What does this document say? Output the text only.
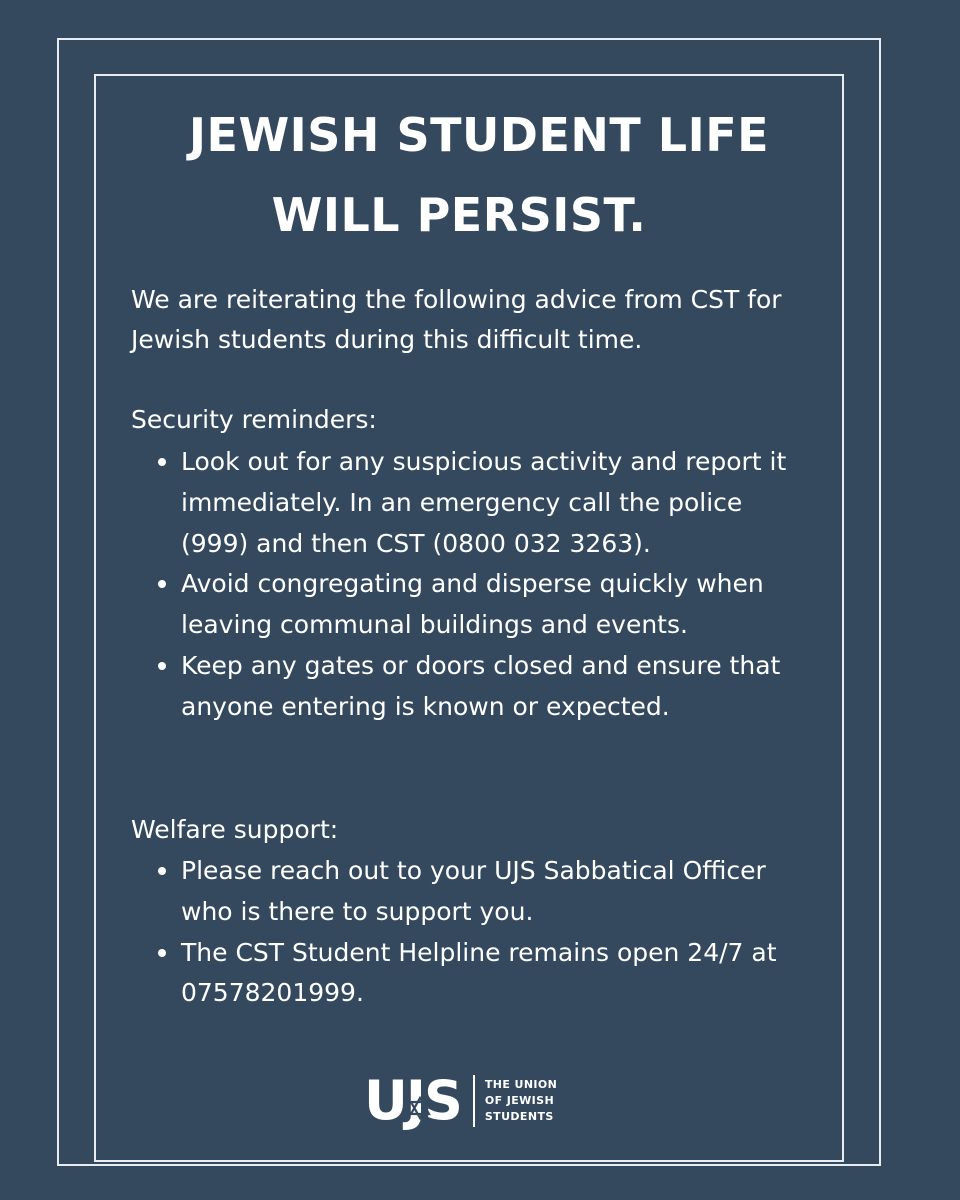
JEWISH STUDENT LIFE
WILL PERSIST.

We are reiterating the following advice from CST for Jewish students during this difficult time.

Security reminders:

Look out for any suspicious activity and report it immediately. In an emergency call the police (999) and then CST (0800 032 3263).
Avoid congregating and disperse quickly when leaving communal buildings and events.
Keep any gates or doors closed and ensure that anyone entering is known or expected.

Welfare support:

Please reach out to your UJS Sabbatical Officer who is there to support you.
The CST Student Helpline remains open 24/7 at 07578201999.
UJS THE UNION
OF JEWISH
STUDENTS
